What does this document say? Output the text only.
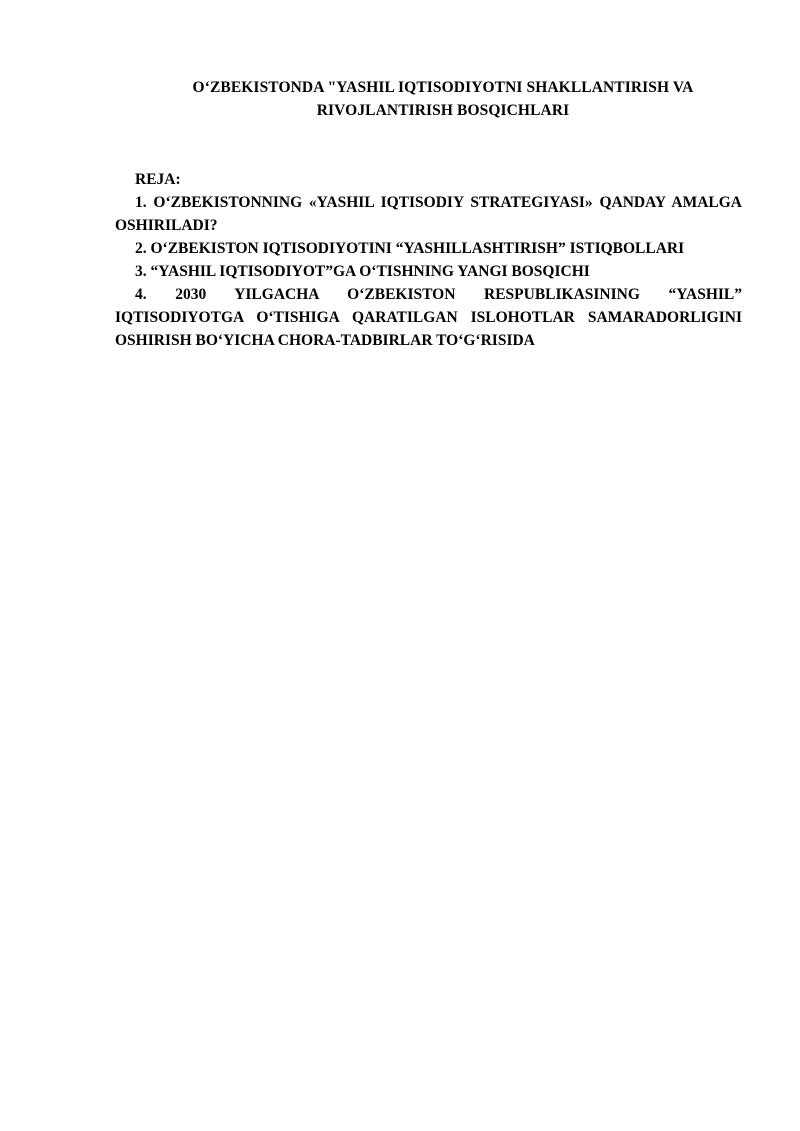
O‘ZBEKISTONDA "YASHIL IQTISODIYOTNI SHAKLLANTIRISH VA RIVOJLANTIRISH BOSQICHLARI

REJA:

1. O‘ZBEKISTONNING «YASHIL IQTISODIY STRATEGIYASI» QANDAY AMALGA OSHIRILADI?

2. O‘ZBEKISTON IQTISODIYOTINI “YASHILLASHTIRISH” ISTIQBOLLARI

3. “YASHIL IQTISODIYOT”GA O‘TISHNING YANGI BOSQICHI

4. 2030 YILGACHA O‘ZBEKISTON RESPUBLIKASINING “YASHIL” IQTISODIYOTGA O‘TISHIGA QARATILGAN ISLOHOTLAR SAMARADORLIGINI OSHIRISH BO‘YICHA CHORA-TADBIRLAR TO‘G‘RISIDA
